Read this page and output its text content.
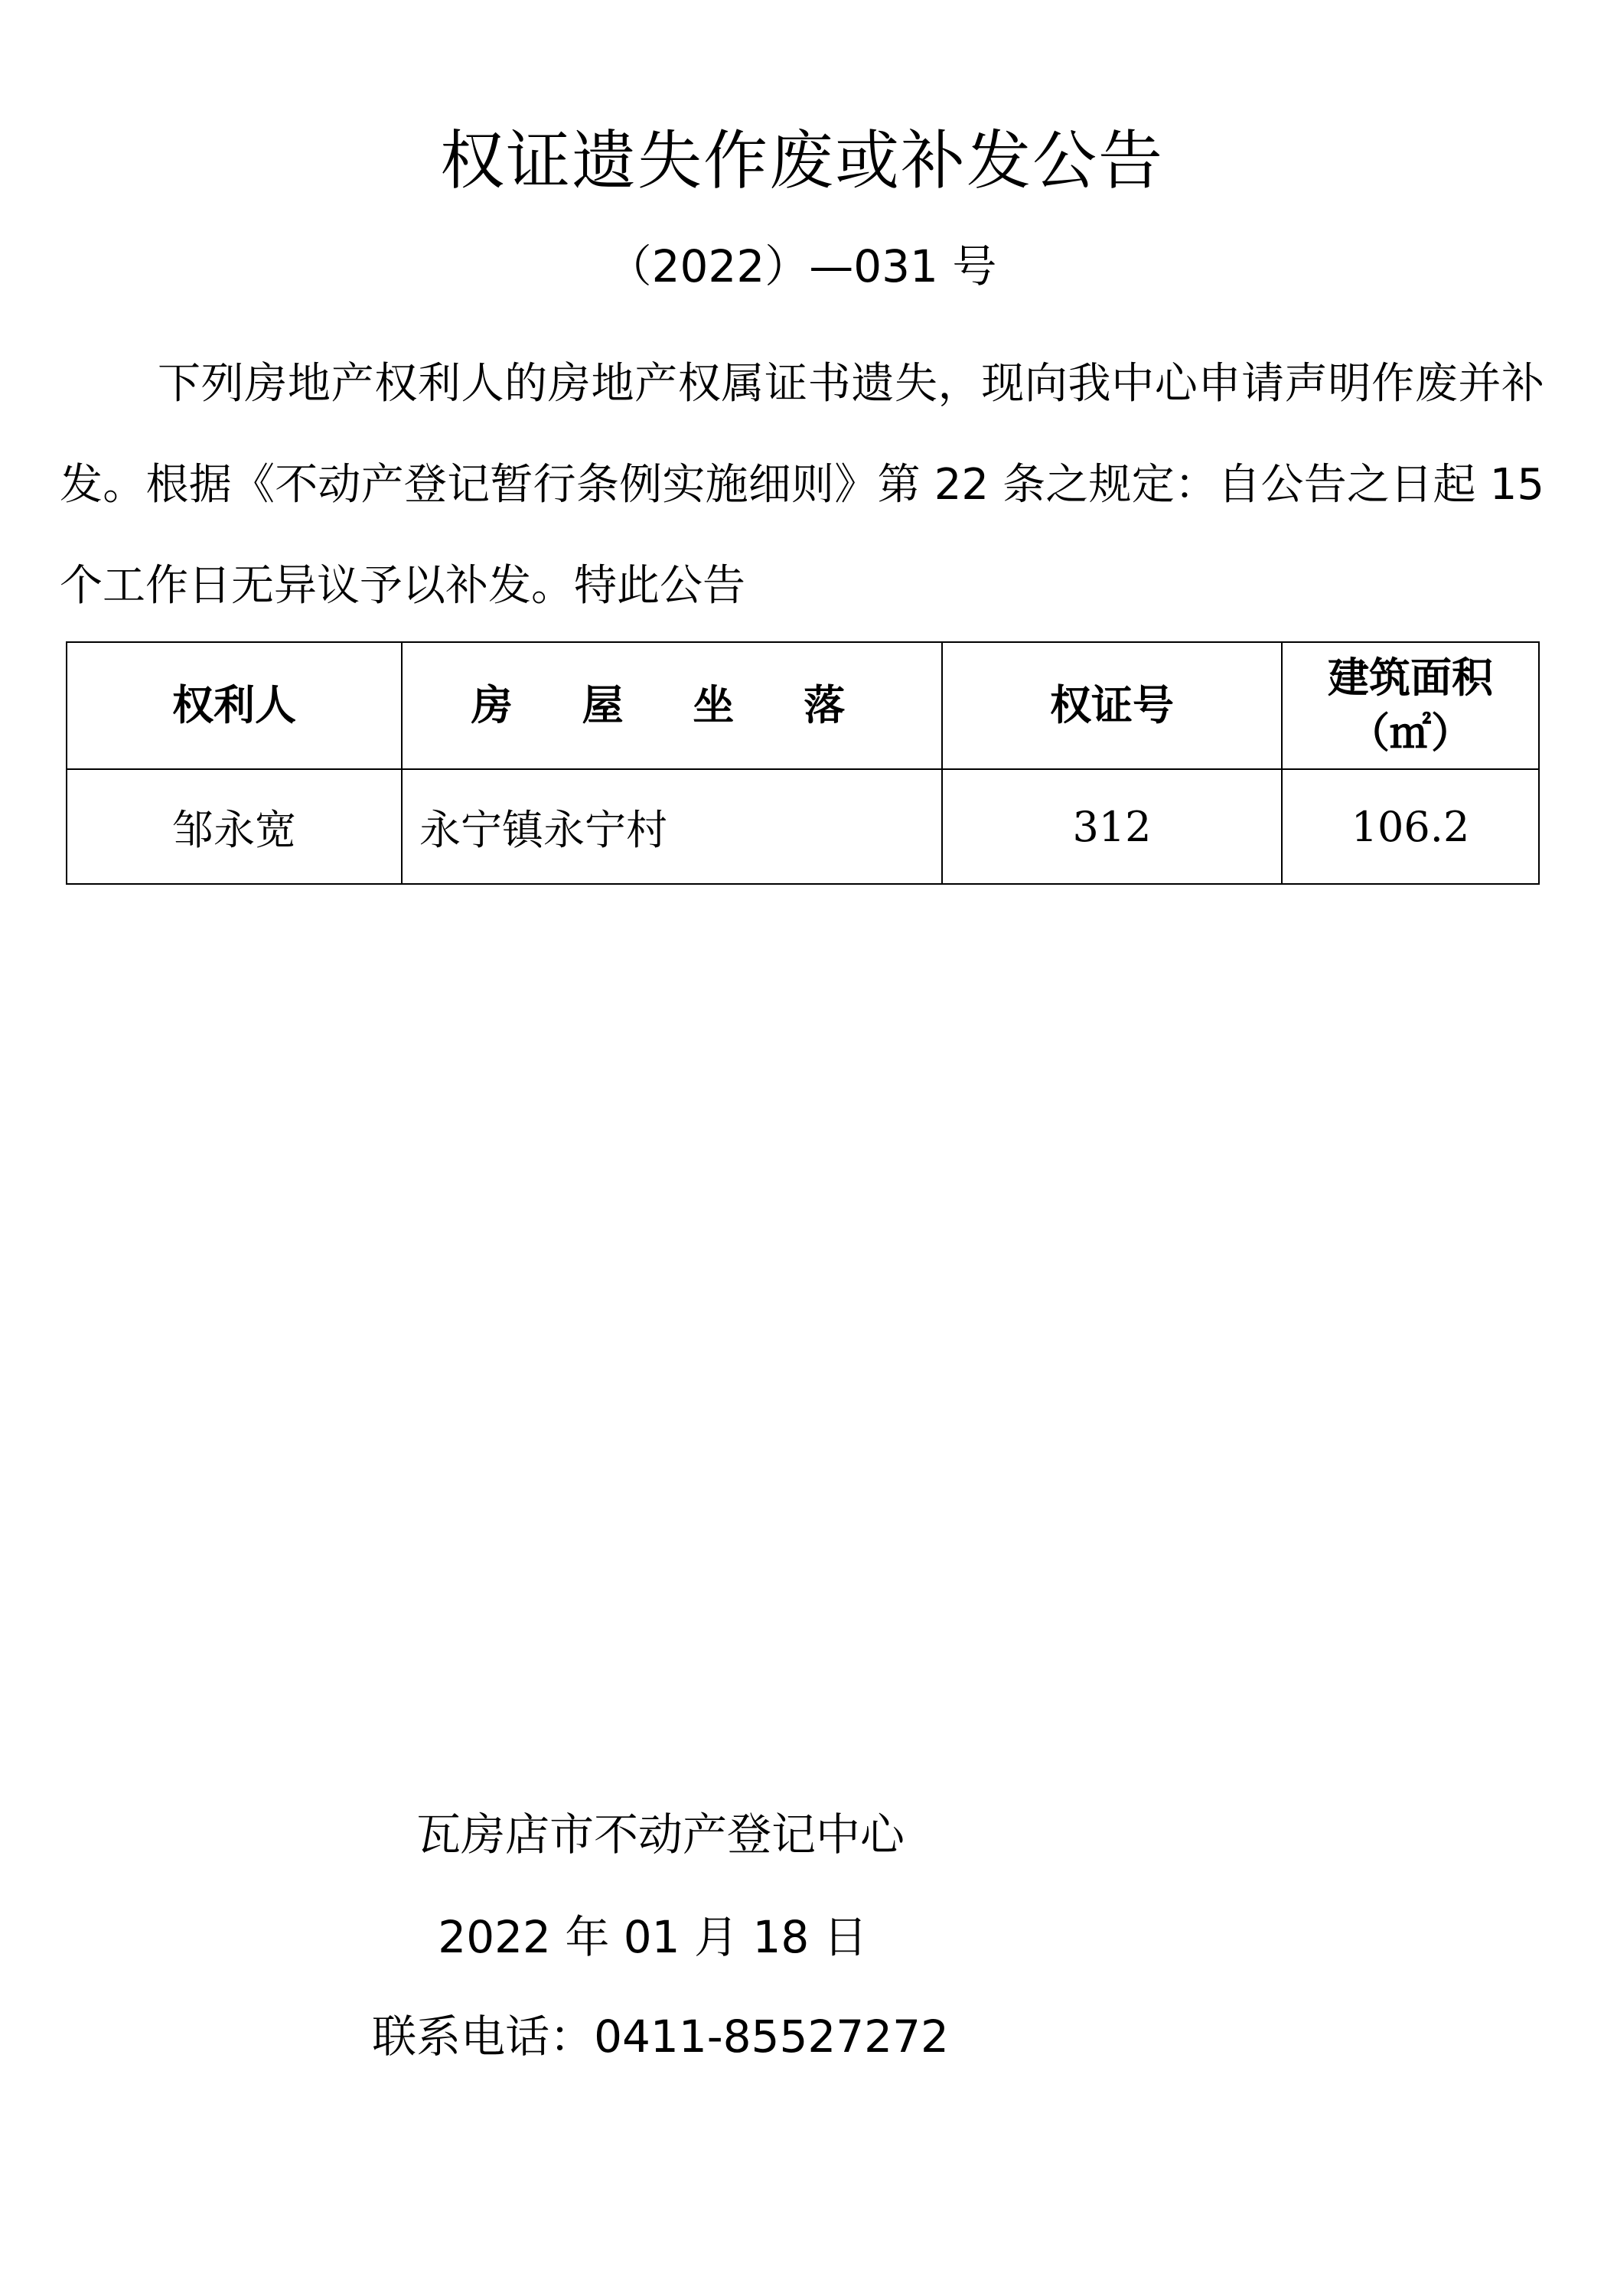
权证遗失作废或补发公告
（2022）—031 号
下列房地产权利人的房地产权属证书遗失，现向我中心申请声明作废并补发。根据《不动产登记暂行条例实施细则》第 22 条之规定：自公告之日起 15 个工作日无异议予以补发。特此公告
权利人	房 屋 坐 落	权证号	建筑面积
（㎡）

邹永宽	永宁镇永宁村	312	106.2
瓦房店市不动产登记中心
2022 年 01 月 18 日
联系电话：0411-85527272
